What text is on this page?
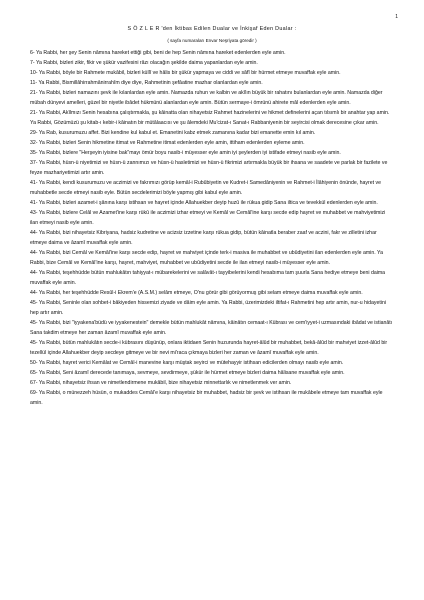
1
S Ö Z L E R 'den İktibas Edilen Dualar ve İnkişaf Eden Dualar :
( sayfa numaraları Envar Neşriyata göredir )

6- Ya Rabbi, her şey Senin nâmına hareket ettiği gibi, beni de hep Senin nâmına hareket edenlerden eyle amin.

7- Ya Rabbi, bizleri zikir, fikir ve şükür vazifesini râzı olacağın şekilde daima yapanlardan eyle amin.

10- Ya Rabbi, böyle bir Rahmete mukâbil, bizleri küllî ve hâlis bir şükür yapmaya ve ciddi ve sâfî bir hürmet etmeye muvaffak eyle amin.

11- Ya Rabbi, Bismillâhirrahmânirrahîm diye diye, Rahmetinin şefâatine mazhar olanlardan eyle amin.

21- Ya Rabbi, bizleri namazını şevk ile kılanlardan eyle amin. Namazda ruhun ve kalbin ve akîlın büyük bir rahatını bulanlardan eyle amin. Namazda diğer mübah dünyevi amelleri, güzel bir niyetle ibâdet hükmünü alanlardan eyle amin. Bütün sermaye-i ömrünü ahirete mâl edenlerden eyle amin.

21- Ya Rabbi, Akîlmızı Senin hesabına çalıştırmakla, şu kâinatta olan nihayetsiz Rahmet hazinelerini ve hikmet definelerini açan tılsımlı bir anahtar yap amin. Ya Rabbi, Gözümüzü şu kitab-ı kebir-i kâinatın bir mütâlaacısı ve şu âlemdeki Mu'cizat-ı Sanat-ı Rabbaniyenin bir seyircisi olmak derecesine çıkar amin.

29- Ya Rab, kusurumuzu affet. Bizi kendine kul kabul et. Emanetini kabz etmek zamanına kadar bizi emanette emin kıl amin.

32- Ya Rabbi, bizleri Senin hikmetine itimat ve Rahmetine itimat edenlerden eyle amin, ittiham edenlerden eyleme amin.

35- Ya Rabbi, bizlere "Herşeyin iyisine bak"mayı ömür boyu nasib-i müyesser eyle amin iyi şeylerden iyi istifade etmeyi nasib eyle amin.

37- Ya Rabbi, hüsn-ü niyetimizi ve hüsn-ü zannımızı ve hüsn-ü hasletimizi ve hüsn-ü fikrimizi artırmakla büyük bir ihsana ve saadete ve parlak bir fazilete ve feyze mazhariyetimizi artır amin.

41- Ya Rabbi, kendi kusurumuzu ve aczimizi ve fakrımızı görüp kemâl-i Rubûbiyetin ve Kudret-i Samedâniyenin ve Rahmet-i İlâhiyenin önünde, hayret ve muhabbetle secde etmeyi nasib eyle. Bütün secdelerimizi böyle yapmış gibi kabul eyle amin.

41- Ya Rabbi, bizleri azamet-i şânına karşı istihsan ve hayret içinde Allahuekber deyip huzû ile rükua gidip Sana iltica ve tevekkül edenlerden eyle amin.

43- Ya Rabbi, bizlere Celâl ve Azamet'ine karşı rükû ile aczimizi izhar etmeyi ve Kemâl ve Cemâl'ine karşı secde edip hayret ve muhabbet ve mahviyetimizi ilan etmeyi nasib eyle amin.

44- Ya Rabbi, bizi nihayetsiz Kibriyana, hadsiz kudretine ve acizsiz izzetine karşı rükua gidip, bütün kâinatla beraber zaaf ve aczini, fakr ve zilletini izhar etmeye daima ve âzamî muvaffak eyle amin.

44- Ya Rabbi, bizi Cemâl ve Kemâl'ine karşı secde edip, hayret ve mahviyet içinde terk-i masiva ile muhabbet ve ubûdiyetini ilan edenlerden eyle amin. Ya Rabbi, bize Cemâl ve Kemâl'ine karşı, hayret, mahviyet, muhabbet ve ubûdiyetini secde ile ilan etmeyi nasib-i müyesser eyle amin.

44- Ya Rabbi, teşehhüdde bütün mahlukâtın tahiyyat-ı mübarekelerini ve salâvât-ı tayyibelerini kendi hesabıma tam şuurla Sana hediye etmeye beni daima muvaffak eyle amin.

44- Ya Rabbi, her teşehhüdde Resûl-i Ekrem'e (A.S.M.) selâm etmeye, O'nu görür gibi görüyormuş gibi selam etmeye daima muvaffak eyle amin.

45- Ya Rabbi, Seninle olan sohbet-i bâkiyeden hissemizi ziyade ve dâim eyle amin. Ya Rabbi, üzerimizdeki iltifat-ı Rahmetini hep artır amin, nur-u hidayetini hep artır amin.

45- Ya Rabbi, bizi "iyyakena'büdü ve iyyakenestein" demekle bütün mahlukât nâmına, kâinâtın cemaat-ı Kübrası ve cem'iyyet-i uzmasındaki ibâdat ve istianâtı Sana takdim etmeye her zaman âzamî muvaffak eyle amin.

45- Ya Rabbi, bütün mahlukâtın secde-i kübrasını düşünüp, onlara iktidaen Senin huzurunda hayret-âlûd bir muhabbet, bekâ-âlûd bir mahviyet izzet-âlûd bir tezellül içinde Allahuekber deyip secdeye gitmeye ve bir nevi mi'raca çıkmaya bizleri her zaman ve âzamî muvaffak eyle amin.

50- Ya Rabbi, hayret verici Kemâlat ve Cemâl-i manevine karşı müştak seyirci ve mütehayyir istihsan edicilerden olmayı nasib eyle amin.

65- Ya Rabbi, Seni âzamî derecede tanımaya, sevmeye, sevdirmeye, şükür ile hürmet etmeye bizleri daima hâlisane muvaffak eyle amin.

67- Ya Rabbi, nihayetsiz ihsan ve nimetlendirmene mukâbil, bize nihayetsiz minnettarlık ve nimetlenmek ver amin.

69- Ya Rabbi, o münezzeh hüsün, o mukaddes Cemâl'e karşı nihayetsiz bir muhabbet, hadsiz bir şevk ve istihsan ile mukâbele etmeye tam muvaffak eyle amin.
